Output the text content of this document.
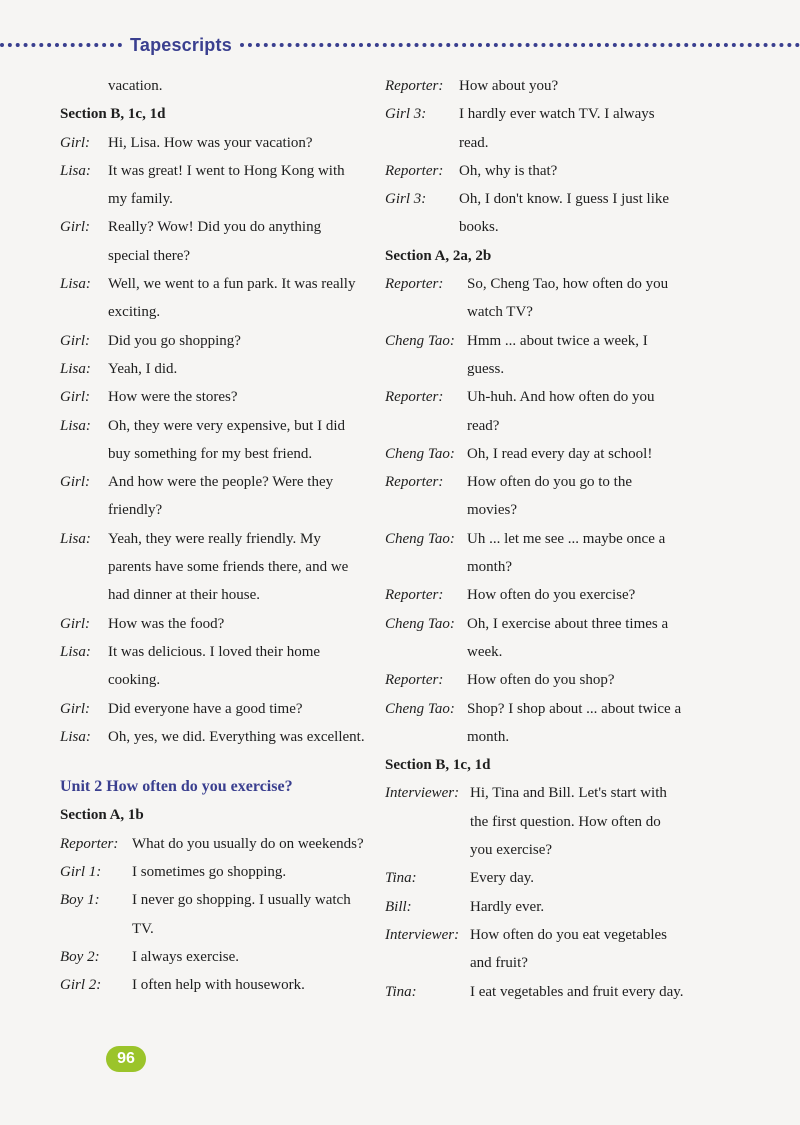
Tapescripts
vacation.
Section B, 1c, 1d
Girl:	Hi, Lisa. How was your vacation?
Lisa:	It was great! I went to Hong Kong with my family.
Girl:	Really? Wow! Did you do anything special there?
Lisa:	Well, we went to a fun park. It was really exciting.
Girl:	Did you go shopping?
Lisa:	Yeah, I did.
Girl:	How were the stores?
Lisa:	Oh, they were very expensive, but I did buy something for my best friend.
Girl:	And how were the people? Were they friendly?
Lisa:	Yeah, they were really friendly. My parents have some friends there, and we had dinner at their house.
Girl:	How was the food?
Lisa:	It was delicious. I loved their home cooking.
Girl:	Did everyone have a good time?
Lisa:	Oh, yes, we did. Everything was excellent.
Unit 2 How often do you exercise?
Section A, 1b
Reporter: What do you usually do on weekends?
Girl 1:	I sometimes go shopping.
Boy 1:	I never go shopping. I usually watch TV.
Boy 2:	I always exercise.
Girl 2:	I often help with housework.
Reporter:	How about you?
Girl 3:	I hardly ever watch TV. I always read.
Reporter:	Oh, why is that?
Girl 3:	Oh, I don't know. I guess I just like books.
Section A, 2a, 2b
Reporter:	So, Cheng Tao, how often do you watch TV?
Cheng Tao: Hmm ... about twice a week, I guess.
Reporter:	Uh-huh. And how often do you read?
Cheng Tao: Oh, I read every day at school!
Reporter:	How often do you go to the movies?
Cheng Tao: Uh ... let me see ... maybe once a month?
Reporter:	How often do you exercise?
Cheng Tao: Oh, I exercise about three times a week.
Reporter:	How often do you shop?
Cheng Tao: Shop? I shop about ... about twice a month.
Section B, 1c, 1d
Interviewer: Hi, Tina and Bill. Let's start with the first question. How often do you exercise?
Tina:	Every day.
Bill:	Hardly ever.
Interviewer: How often do you eat vegetables and fruit?
Tina:	I eat vegetables and fruit every day.
96
